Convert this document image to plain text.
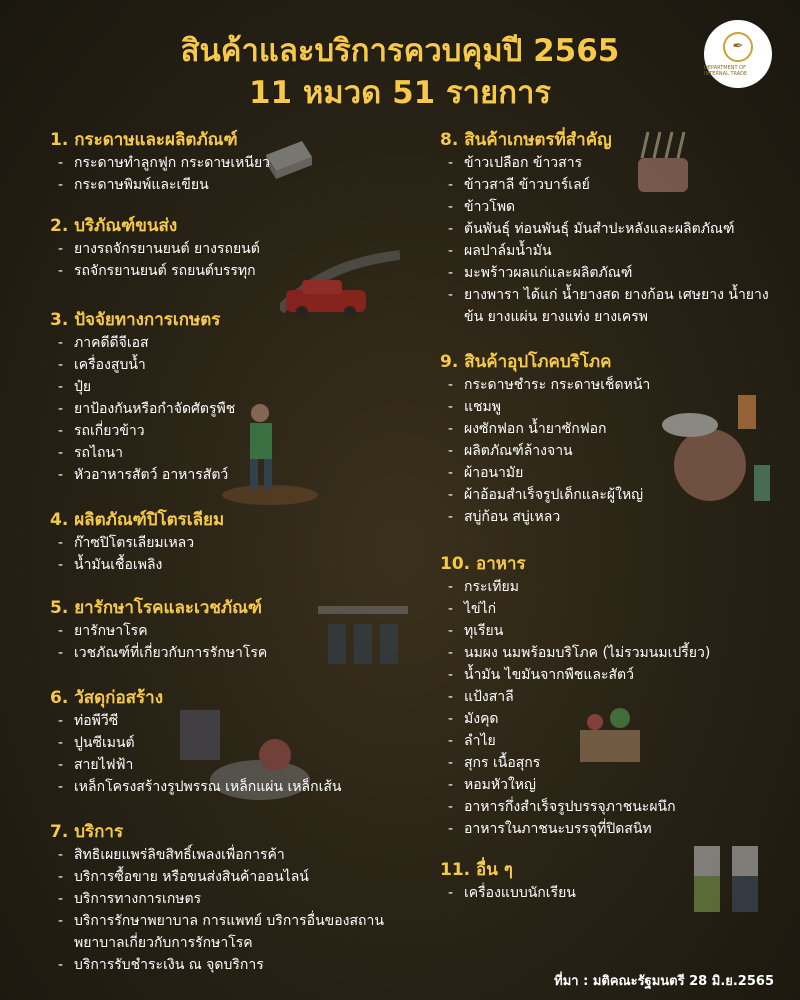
สินค้าและบริการควบคุมปี 2565
11 หมวด 51 รายการ
✒
DEPARTMENT OF INTERNAL TRADE
1. กระดาษและผลิตภัณฑ์
- กระดาษทำลูกฟูก กระดาษเหนียว
- กระดาษพิมพ์และเขียน
2. บริภัณฑ์ขนส่ง
- ยางรถจักรยานยนต์ ยางรถยนต์
- รถจักรยานยนต์ รถยนต์บรรทุก
3. ปัจจัยทางการเกษตร
- ภาคดีดีจีเอส
- เครื่องสูบน้ำ
- ปุ๋ย
- ยาป้องกันหรือกำจัดศัตรูพืช
- รถเกี่ยวข้าว
- รถไถนา
- หัวอาหารสัตว์ อาหารสัตว์
4. ผลิตภัณฑ์ปิโตรเลียม
- ก๊าซปิโตรเลียมเหลว
- น้ำมันเชื้อเพลิง
5. ยารักษาโรคและเวชภัณฑ์
- ยารักษาโรค
- เวชภัณฑ์ที่เกี่ยวกับการรักษาโรค
6. วัสดุก่อสร้าง
- ท่อพีวีซี
- ปูนซีเมนต์
- สายไฟฟ้า
- เหล็กโครงสร้างรูปพรรณ เหล็กแผ่น เหล็กเส้น
7. บริการ
- สิทธิเผยแพร่ลิขสิทธิ์เพลงเพื่อการค้า
- บริการซื้อขาย หรือขนส่งสินค้าออนไลน์
- บริการทางการเกษตร
- บริการรักษาพยาบาล การแพทย์ บริการอื่นของสถานพยาบาลเกี่ยวกับการรักษาโรค
- บริการรับชำระเงิน ณ จุดบริการ
8. สินค้าเกษตรที่สำคัญ
- ข้าวเปลือก ข้าวสาร
- ข้าวสาลี ข้าวบาร์เลย์
- ข้าวโพด
- ต้นพันธุ์ ท่อนพันธุ์ มันสำปะหลังและผลิตภัณฑ์
- ผลปาล์มน้ำมัน
- มะพร้าวผลแก่และผลิตภัณฑ์
- ยางพารา ได้แก่ น้ำยางสด ยางก้อน เศษยาง น้ำยางข้น ยางแผ่น ยางแท่ง ยางเครพ
9. สินค้าอุปโภคบริโภค
- กระดาษชำระ กระดาษเช็ดหน้า
- แชมพู
- ผงซักฟอก น้ำยาซักฟอก
- ผลิตภัณฑ์ล้างจาน
- ผ้าอนามัย
- ผ้าอ้อมสำเร็จรูปเด็กและผู้ใหญ่
- สบู่ก้อน สบู่เหลว
10. อาหาร
- กระเทียม
- ไข่ไก่
- ทุเรียน
- นมผง นมพร้อมบริโภค (ไม่รวมนมเปรี้ยว)
- น้ำมัน ไขมันจากพืชและสัตว์
- แป้งสาลี
- มังคุด
- ลำไย
- สุกร เนื้อสุกร
- หอมหัวใหญ่
- อาหารกึ่งสำเร็จรูปบรรจุภาชนะผนึก
- อาหารในภาชนะบรรจุที่ปิดสนิท
11. อื่น ๆ
- เครื่องแบบนักเรียน
ที่มา : มติคณะรัฐมนตรี 28 มิ.ย.2565
